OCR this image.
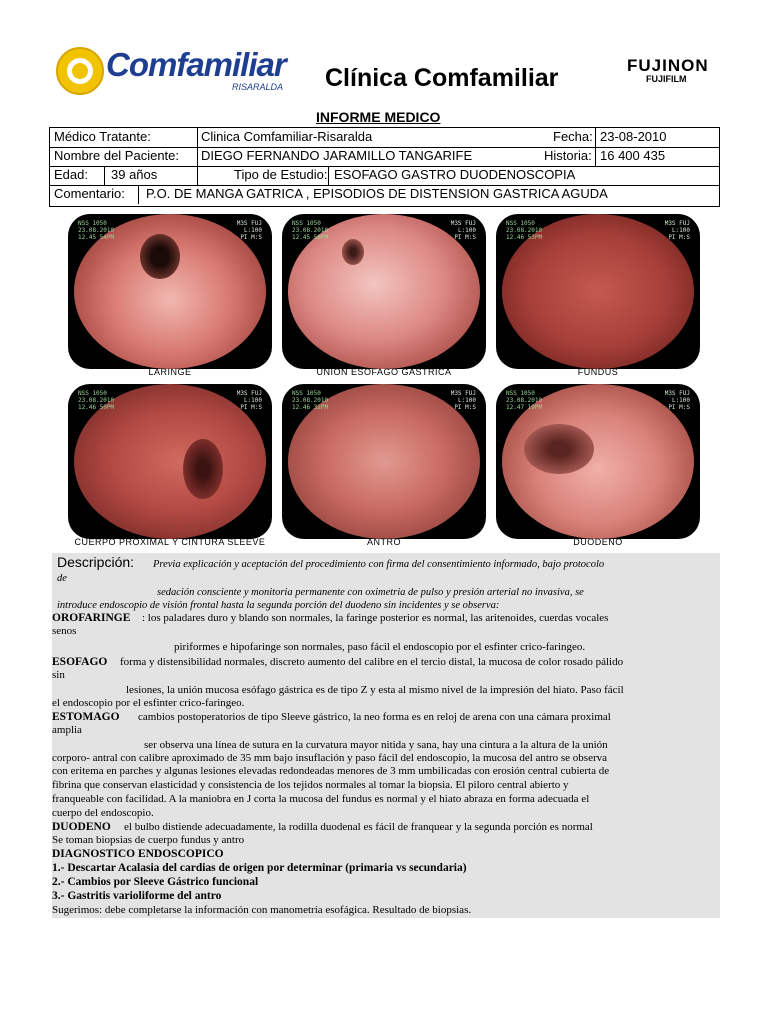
Comfamiliar
RISARALDA Clínica Comfamiliar	FUJINON
FUJIFILM
INFORME MEDICO
Médico Tratante:	Clinica Comfamiliar-Risaralda	Fecha: 23-08-2010
Nombre del Paciente: DIEGO FERNANDO JARAMILLO TANGARIFE	Historia: 16 400 435
Edad: 39 años	Tipo de Estudio: ESOFAGO GASTRO DUODENOSCOPIA
Comentario: P.O. DE MANGA GATRICA , EPISODIOS DE DISTENSION GASTRICA AGUDA
NSS 1050
23.08.2010
12.45 54PM
M3S FUJ
L:100
PI M:S
LARINGE
NSS 1050
23.08.2010
12.45 58PM
M3S FUJ
L:100
PI M:S
UNION ESOFAGO GASTRICA
NSS 1050
23.08.2010
12.46 53PM
M3S FUJ
L:100
PI M:S
FUNDUS
NSS 1050
23.08.2010
12.46 50PM
M3S FUJ
L:100
PI M:S
CUERPO PROXIMAL Y CINTURA SLEEVE
NSS 1050
23.08.2010
12.46 32PM
M3S FUJ
L:100
PI M:S
ANTRO
NSS 1050
23.08.2010
12.47 19PM
M3S FUJ
L:100
PI M:S
DUODENO
Descripción: Previa explicación y aceptación del procedimiento con firma del consentimiento informado, bajo protocolo
de
sedación consciente y monitoria permanente con oximetria de pulso y presión arterial no invasiva, se
introduce endoscopio de visión frontal hasta la segunda porción del duodeno sin incidentes y se observa:
OROFARINGE : los paladares duro y blando son normales, la faringe posterior es normal, las aritenoides, cuerdas vocales
senos
piriformes e hipofaringe son normales, paso fácil el endoscopio por el esfinter crico-faringeo.
ESOFAGO forma y distensibilidad normales, discreto aumento del calibre en el tercio distal, la mucosa de color rosado pálido
sin
lesiones, la unión mucosa esófago gástrica es de tipo Z y esta al mismo nivel de la impresión del hiato. Paso fácil
el endoscopio por el esfinter crico-faringeo.
ESTOMAGO cambios postoperatorios de tipo Sleeve gástrico, la neo forma es en reloj de arena con una cámara proximal
amplia
ser observa una línea de sutura en la curvatura mayor nitida y sana, hay una cintura a la altura de la unión
corporo- antral con calibre aproximado de 35 mm bajo insuflación y paso fácil del endoscopio, la mucosa del antro se observa
con eritema en parches y algunas lesiones elevadas redondeadas menores de 3 mm umbilicadas con erosión central cubierta de
fibrina que conservan elasticidad y consistencia de los tejidos normales al tomar la biopsia. El piloro central abierto y
franqueable con facilidad. A la maniobra en J corta la mucosa del fundus es normal y el hiato abraza en forma adecuada el
cuerpo del endoscopio.
DUODENO el bulbo distiende adecuadamente, la rodilla duodenal es fácil de franquear y la segunda porción es normal
Se toman biopsias de cuerpo fundus y antro
DIAGNOSTICO ENDOSCOPICO
1.- Descartar Acalasia del cardias de origen por determinar (primaria vs secundaria)
2.- Cambios por Sleeve Gástrico funcional
3.- Gastritis varioliforme del antro
Sugerimos: debe completarse la información con manometría esofágica. Resultado de biopsias.
